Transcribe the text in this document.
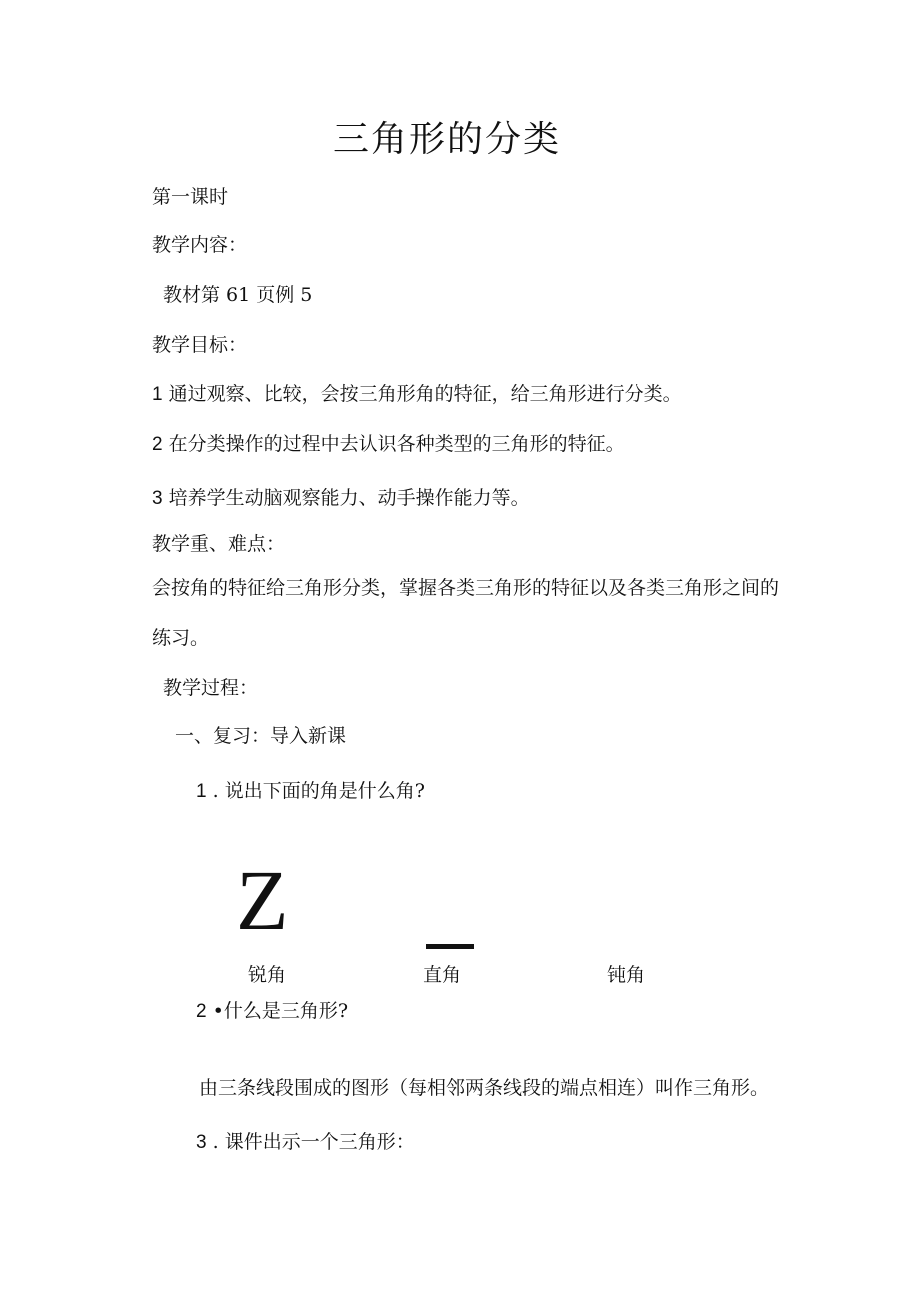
三角形的分类
第一课时
教学内容：
教材第 61 页例 5
教学目标：
1 通过观察、比较，会按三角形角的特征，给三角形进行分类。
2 在分类操作的过程中去认识各种类型的三角形的特征。
3 培养学生动脑观察能力、动手操作能力等。
教学重、难点：
会按角的特征给三角形分类，掌握各类三角形的特征以及各类三角形之间的
练习。
教学过程：
一、复习：导入新课
1 . 说出下面的角是什么角?
Z
锐角	直角	钝角
2 •什么是三角形?
由三条线段围成的图形（每相邻两条线段的端点相连）叫作三角形。
3 . 课件出示一个三角形：
